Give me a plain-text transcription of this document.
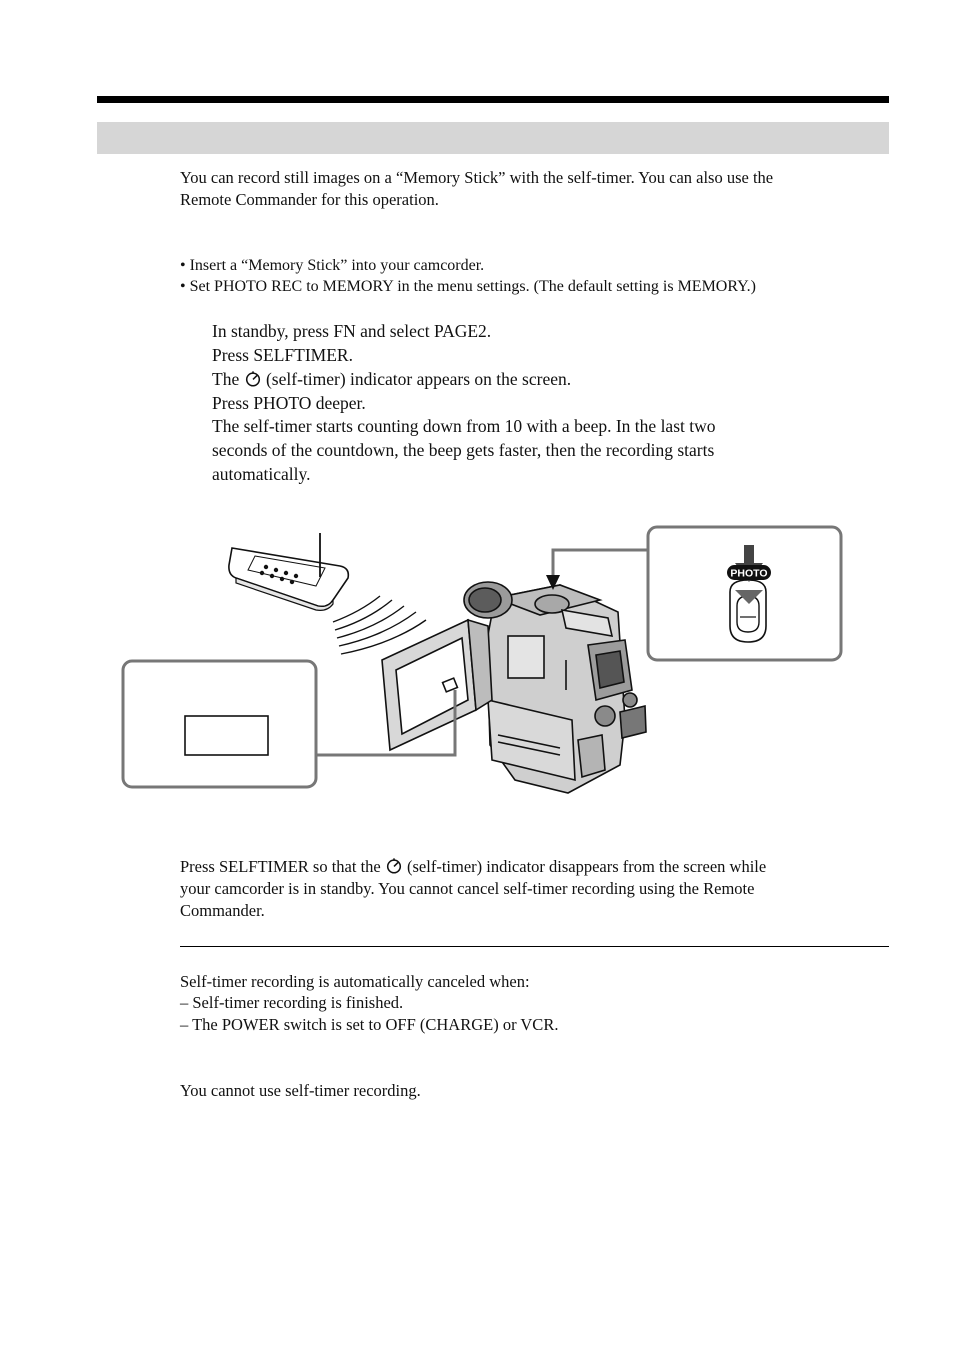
You can record still images on a “Memory Stick” with the self-timer. You can also use the
Remote Commander for this operation.
• Insert a “Memory Stick” into your camcorder.
• Set PHOTO REC to MEMORY in the menu settings. (The default setting is MEMORY.)
In standby, press FN and select PAGE2.
Press SELFTIMER.
The  (self-timer) indicator appears on the screen.
Press PHOTO deeper.
The self-timer starts counting down from 10 with a beep. In the last two
seconds of the countdown, the beep gets faster, then the recording starts
automatically.
PHOTO
Press SELFTIMER so that the  (self-timer) indicator disappears from the screen while
your camcorder is in standby. You cannot cancel self-timer recording using the Remote
Commander.
Self-timer recording is automatically canceled when:
– Self-timer recording is finished.
– The POWER switch is set to OFF (CHARGE) or VCR.
You cannot use self-timer recording.
